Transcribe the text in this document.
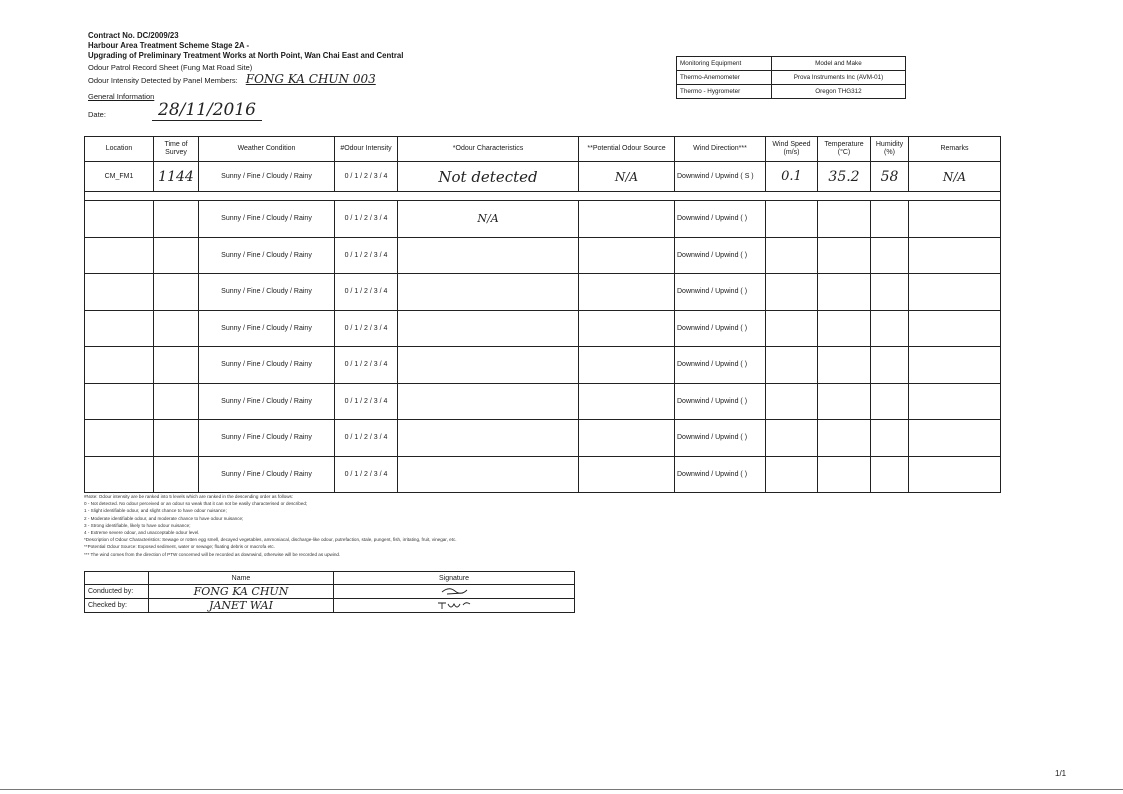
Contract No. DC/2009/23
Harbour Area Treatment Scheme Stage 2A -
Upgrading of Preliminary Treatment Works at North Point, Wan Chai East and Central
Odour Patrol Record Sheet (Fung Mat Road Site)
Odour Intensity Detected by Panel Members: FONG KA CHUN 003
General Information
Date:	28/11/2016
Monitoring Equipment	Model and Make
Thermo-Anemometer	Prova Instruments Inc (AVM-01)
Thermo - Hygrometer	Oregon THG312
Location	Time of Survey	Weather Condition	#Odour Intensity	*Odour Characteristics	**Potential Odour Source	Wind Direction***	Wind Speed (m/s)	Temperature (°C)	Humidity (%)	Remarks
CM_FM1	1144	Sunny / Fine / Cloudy / Rainy	0 / 1 / 2 / 3 / 4	Not detected	N/A	Downwind / Upwind ( S )	0.1	35.2	58	N/A

		Sunny / Fine / Cloudy / Rainy	0 / 1 / 2 / 3 / 4	N/A		Downwind / Upwind ( )				
		Sunny / Fine / Cloudy / Rainy	0 / 1 / 2 / 3 / 4			Downwind / Upwind ( )				
		Sunny / Fine / Cloudy / Rainy	0 / 1 / 2 / 3 / 4			Downwind / Upwind ( )				
		Sunny / Fine / Cloudy / Rainy	0 / 1 / 2 / 3 / 4			Downwind / Upwind ( )				
		Sunny / Fine / Cloudy / Rainy	0 / 1 / 2 / 3 / 4			Downwind / Upwind ( )				
		Sunny / Fine / Cloudy / Rainy	0 / 1 / 2 / 3 / 4			Downwind / Upwind ( )				
		Sunny / Fine / Cloudy / Rainy	0 / 1 / 2 / 3 / 4			Downwind / Upwind ( )				
		Sunny / Fine / Cloudy / Rainy	0 / 1 / 2 / 3 / 4			Downwind / Upwind ( )				
#Note: Odour intensity are be ranked into 5 levels which are ranked in the descending order as follows:
0 - Not detected. No odour perceived or an odour so weak that it can not be easily characterised or described;
1 - Slight identifiable odour, and slight chance to have odour nuisance;
2 - Moderate identifiable odour, and moderate chance to have odour nuisance;
3 - Strong identifiable, likely to have odour nuisance;
4 - Extreme severe odour, and unacceptable odour level.
*Description of Odour Characteristics: Sewage or rotten egg smell, decayed vegetables, ammoniacal, discharge-like odour, putrefaction, stale, pungent, fish, irritating, fruit, vinegar, etc.
**Potential Odour Source: Exposed sediment, water or sewage; floating debris or macrofa etc.
*** The wind comes from the direction of PTW concerned will be recorded as downwind, otherwise will be recorded as upwind.
	Name	Signature
Conducted by:	FONG KA CHUN	
Checked by:	JANET WAI	
1/1
